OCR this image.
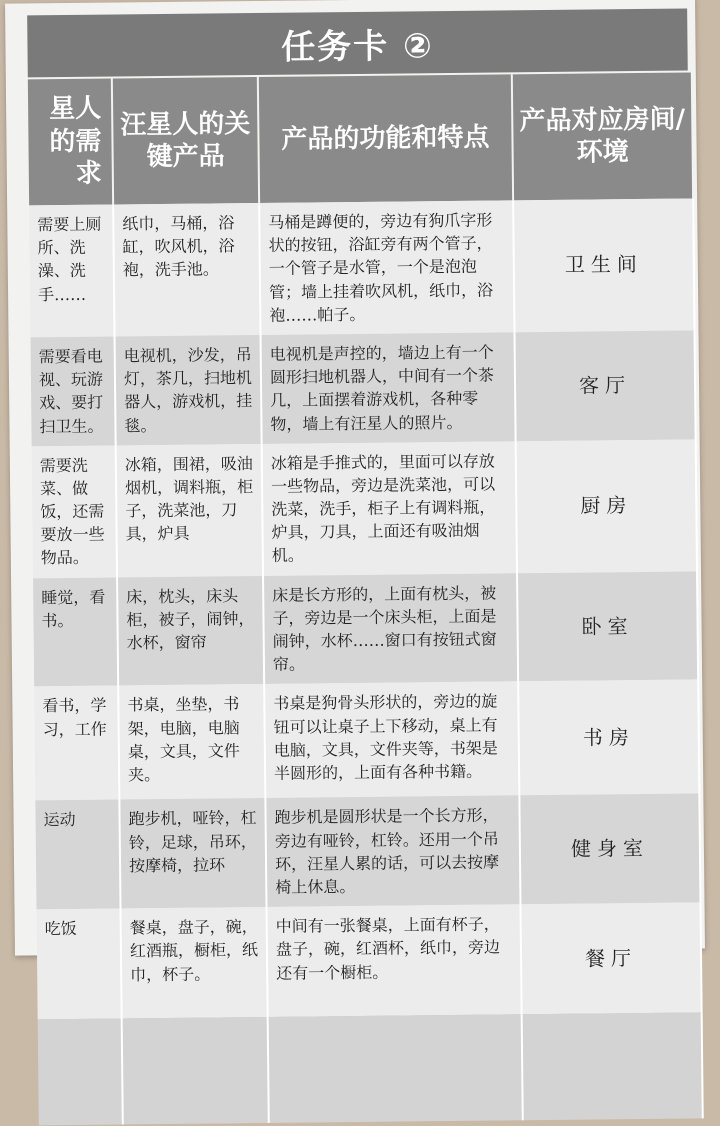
任务卡 ②
星人的需求	汪星人的关键产品	产品的功能和特点	产品对应房间/环境
需要上厕所、洗澡、洗手……	纸巾，马桶，浴缸，吹风机，浴袍，洗手池。	马桶是蹲便的，旁边有狗爪字形状的按钮，浴缸旁有两个管子，一个管子是水管，一个是泡泡管；墙上挂着吹风机，纸巾，浴袍……帕子。	卫生间
需要看电视、玩游戏、要打扫卫生。	电视机，沙发，吊灯，茶几，扫地机器人，游戏机，挂毯。	电视机是声控的，墙边上有一个圆形扫地机器人，中间有一个茶几，上面摆着游戏机，各种零物，墙上有汪星人的照片。	客厅
需要洗菜、做饭，还需要放一些物品。	冰箱，围裙，吸油烟机，调料瓶，柜子，洗菜池，刀具，炉具	冰箱是手推式的，里面可以存放一些物品，旁边是洗菜池，可以洗菜，洗手，柜子上有调料瓶，炉具，刀具，上面还有吸油烟机。	厨房
睡觉，看书。	床，枕头，床头柜，被子，闹钟，水杯，窗帘	床是长方形的，上面有枕头，被子，旁边是一个床头柜，上面是闹钟，水杯……窗口有按钮式窗帘。	卧室
看书，学习，工作	书桌，坐垫，书架，电脑，电脑桌，文具，文件夹。	书桌是狗骨头形状的，旁边的旋钮可以让桌子上下移动，桌上有电脑，文具，文件夹等，书架是半圆形的，上面有各种书籍。	书房
运动	跑步机，哑铃，杠铃，足球，吊环，按摩椅，拉环	跑步机是圆形状是一个长方形，旁边有哑铃，杠铃。还用一个吊环，汪星人累的话，可以去按摩椅上休息。	健身室
吃饭	餐桌，盘子，碗，红酒瓶，橱柜，纸巾，杯子。	中间有一张餐桌，上面有杯子，盘子，碗，红酒杯，纸巾，旁边还有一个橱柜。	餐厅
